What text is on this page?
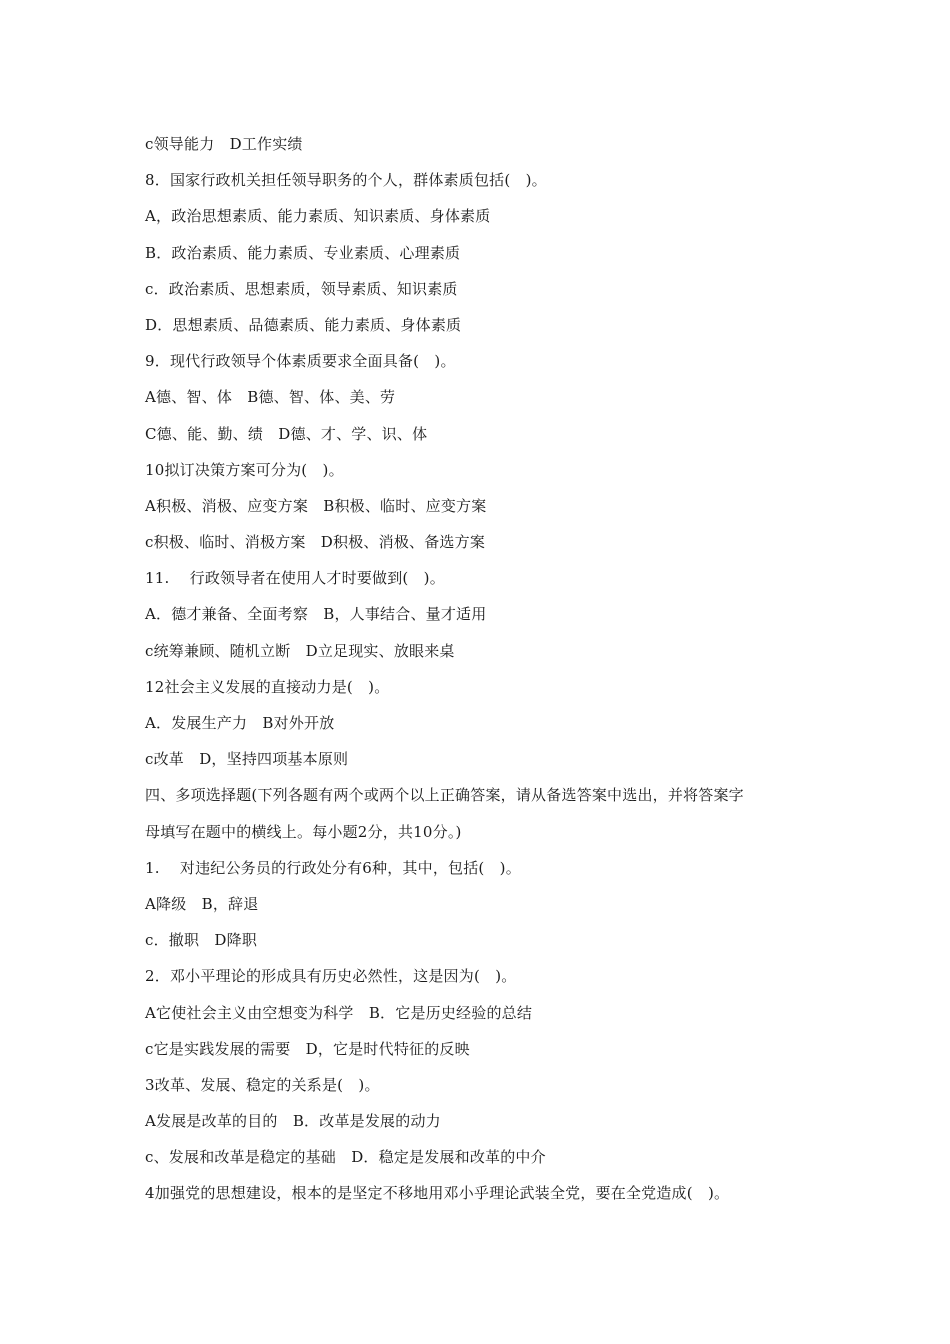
c领导能力　D工作实绩
8．国家行政机关担任领导职务的个人，群体素质包括(　)。
A，政治思想素质、能力素质、知识素质、身体素质
B．政治素质、能力素质、专业素质、心理素质
c．政治素质、思想素质，领导素质、知识素质
D．思想素质、品德素质、能力素质、身体素质
9．现代行政领导个体素质要求全面具备(　)。
A德、智、体　B德、智、体、美、劳
C德、能、勤、绩　D德、才、学、识、体
10拟订决策方案可分为(　)。
A积极、消极、应变方案　B积极、临时、应变方案
c积极、临时、消极方案　D积极、消极、备选方案
11.　 行政领导者在使用人才时要做到(　)。
A．德才兼备、全面考察　B，人事结合、量才适用
c统筹兼顾、随机立断　D立足现实、放眼来桌
12社会主义发展的直接动力是(　)。
A．发展生产力　B对外开放
c改革　D，坚持四项基本原则
四、多项选择题(下列各题有两个或两个以上正确答案，请从备选答案中选出，并将答案字
母填写在题中的横线上。每小题2分，共10分。)
1.　 对违纪公务员的行政处分有6种，其中，包括(　)。
A降级　B，辞退
c．撤职　D降职
2．邓小平理论的形成具有历史必然性，这是因为(　)。
A它使社会主义由空想变为科学　B．它是历史经验的总结
c它是实践发展的需要　D，它是时代特征的反映
3改革、发展、稳定的关系是(　)。
A发展是改革的目的　B．改革是发展的动力
c、发展和改革是稳定的基础　D．稳定是发展和改革的中介
4加强党的思想建设，根本的是坚定不移地用邓小乎理论武装全党，要在全党造成(　)。
